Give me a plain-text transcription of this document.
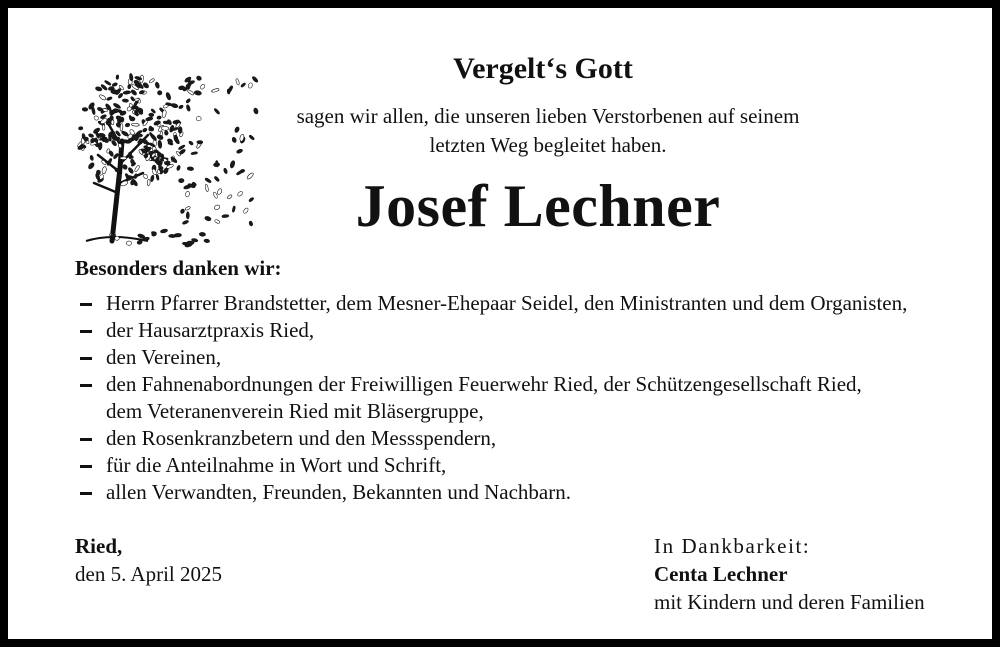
Vergelt‘s Gott
sagen wir allen, die unseren lieben Verstorbenen auf seinem
letzten Weg begleitet haben.
Josef Lechner
Besonders danken wir:
Herrn Pfarrer Brandstetter, dem Mesner-Ehepaar Seidel, den Ministranten und dem Organisten,
der Hausarztpraxis Ried,
den Vereinen,
den Fahnenabordnungen der Freiwilligen Feuerwehr Ried, der Schützengesellschaft Ried,
dem Veteranenverein Ried mit Bläsergruppe,
den Rosenkranzbetern und den Messspendern,
für die Anteilnahme in Wort und Schrift,
allen Verwandten, Freunden, Bekannten und Nachbarn.
Ried,
den 5. April 2025
In Dankbarkeit:
Centa Lechner
mit Kindern und deren Familien
